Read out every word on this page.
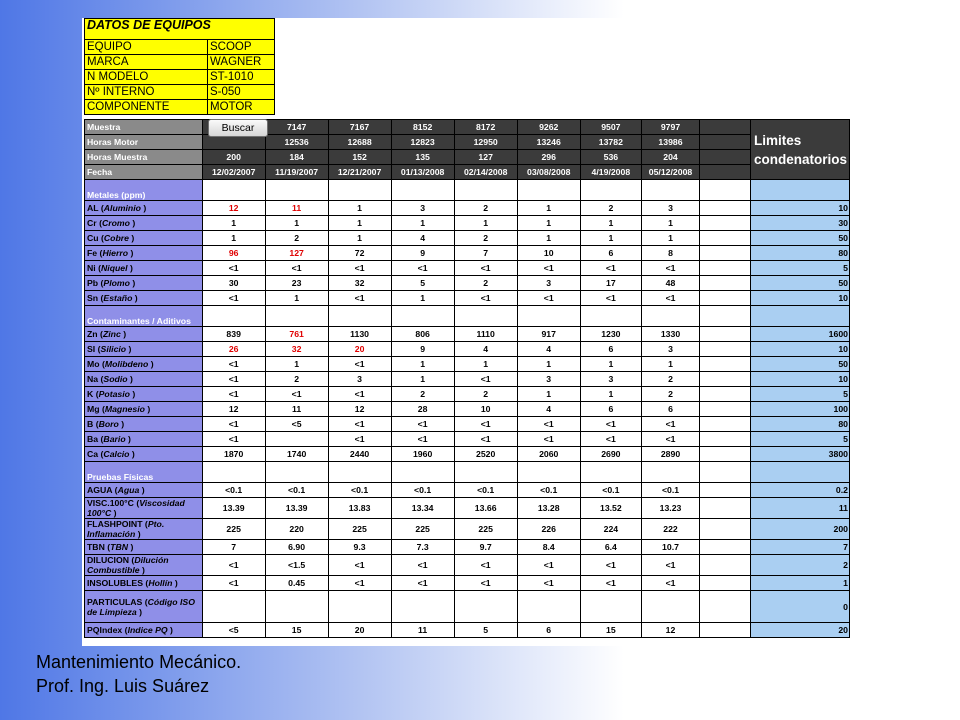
DATOS DE EQUIPOS	
EQUIPO	SCOOP
MARCA	WAGNER
N MODELO	ST-1010
Nº INTERNO	S-050
COMPONENTE	MOTOR
Muestra		7147	7167	8152	8172	9262	9507	9797		Limites condenatorios
Horas Motor		12536	12688	12823	12950	13246	13782	13986		
Horas Muestra	200	184	152	135	127	296	536	204		
Fecha	12/02/2007	11/19/2007	12/21/2007	01/13/2008	02/14/2008	03/08/2008	4/19/2008	05/12/2008		
Metales (ppm)										
AL (Aluminio )	12	11	1	3	2	1	2	3		10
Cr (Cromo )	1	1	1	1	1	1	1	1		30
Cu (Cobre )	1	2	1	4	2	1	1	1		50
Fe (Hierro )	96	127	72	9	7	10	6	8		80
Ni (Niquel )	<1	<1	<1	<1	<1	<1	<1	<1		5
Pb (Plomo )	30	23	32	5	2	3	17	48		50
Sn (Estaño )	<1	1	<1	1	<1	<1	<1	<1		10
Contaminantes / Aditivos										
Zn (Zinc )	839	761	1130	806	1110	917	1230	1330		1600
SI (Silicio )	26	32	20	9	4	4	6	3		10
Mo (Molibdeno )	<1	1	<1	1	1	1	1	1		50
Na (Sodio )	<1	2	3	1	<1	3	3	2		10
K (Potasio )	<1	<1	<1	2	2	1	1	2		5
Mg (Magnesio )	12	11	12	28	10	4	6	6		100
B (Boro )	<1	<5	<1	<1	<1	<1	<1	<1		80
Ba (Bario )	<1		<1	<1	<1	<1	<1	<1		5
Ca (Calcio )	1870	1740	2440	1960	2520	2060	2690	2890		3800
Pruebas Físicas										
AGUA (Agua )	<0.1	<0.1	<0.1	<0.1	<0.1	<0.1	<0.1	<0.1		0.2
VISC.100°C (Viscosidad 100°C )	13.39	13.39	13.83	13.34	13.66	13.28	13.52	13.23		11
FLASHPOINT (Pto. Inflamación )	225	220	225	225	225	226	224	222		200
TBN (TBN )	7	6.90	9.3	7.3	9.7	8.4	6.4	10.7		7
DILUCION (Dilución Combustible )	<1	<1.5	<1	<1	<1	<1	<1	<1		2
INSOLUBLES (Hollín )	<1	0.45	<1	<1	<1	<1	<1	<1		1
PARTICULAS (Código ISO de Limpieza )										0
PQIndex (Indice PQ )	<5	15	20	11	5	6	15	12		20
Buscar
Mantenimiento Mecánico.
Prof. Ing. Luis Suárez
